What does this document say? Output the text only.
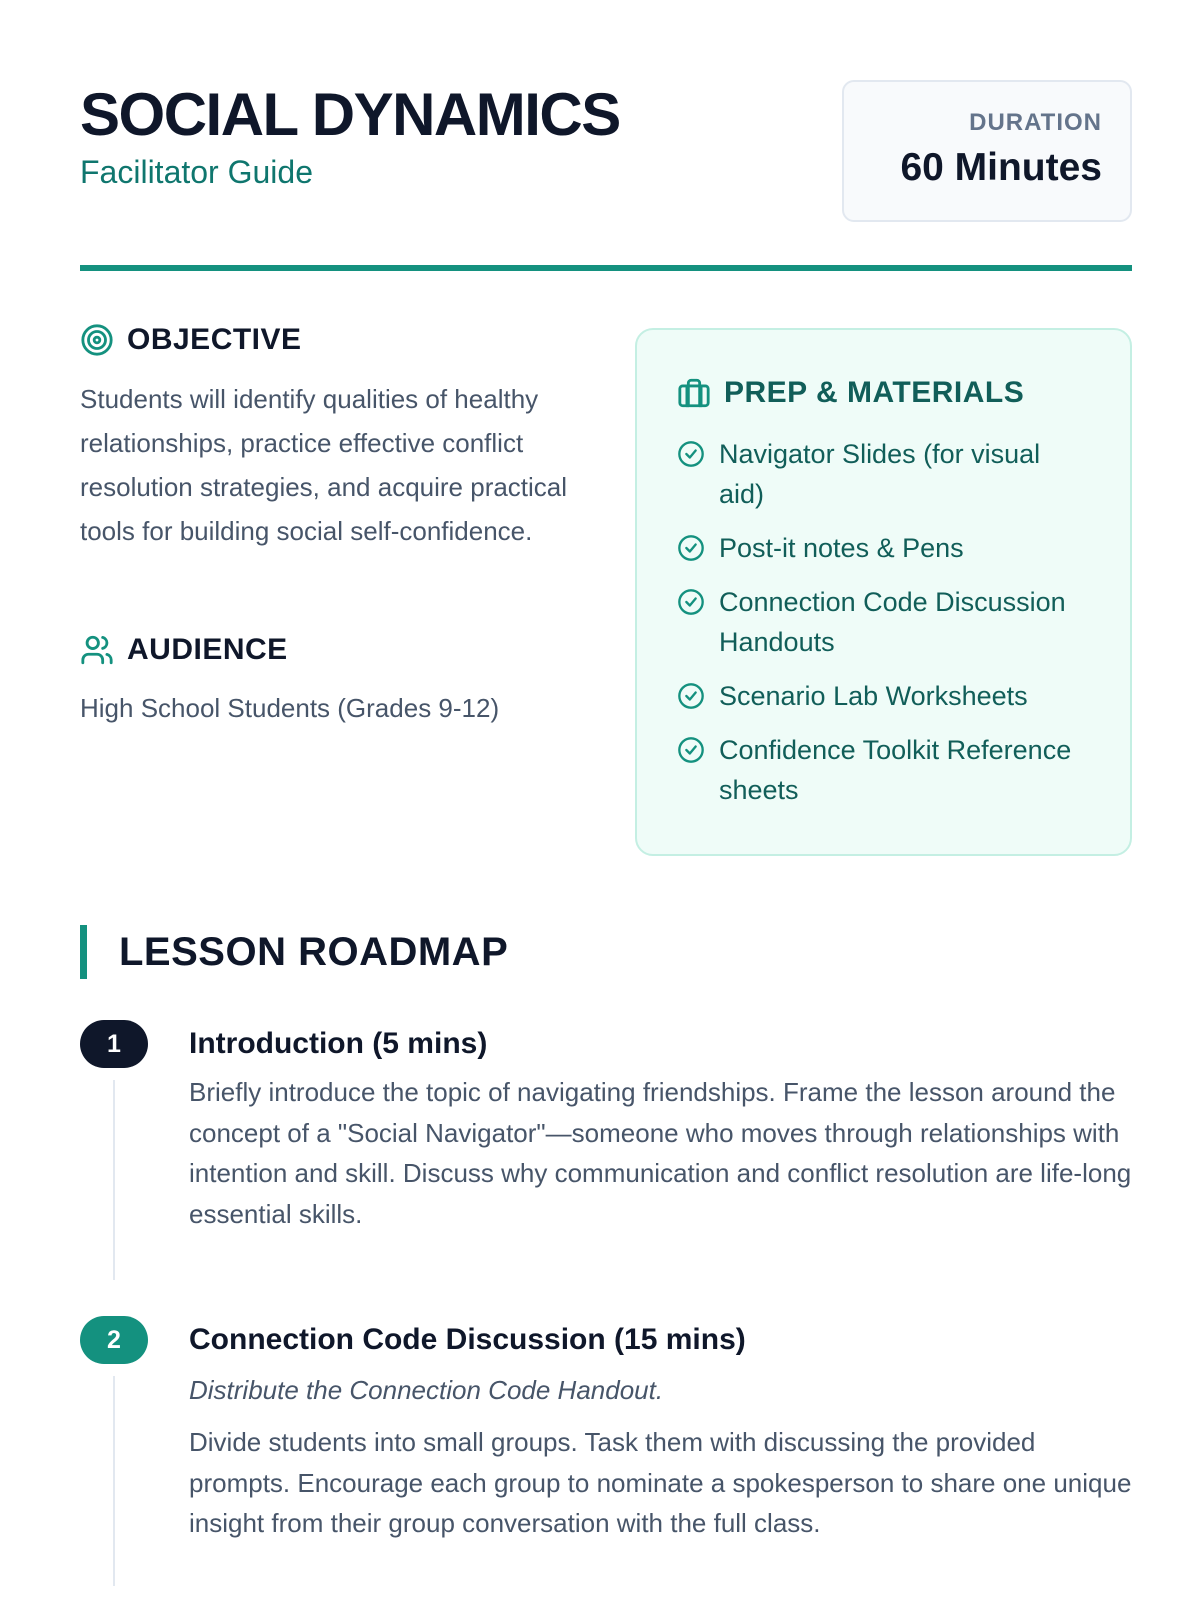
SOCIAL DYNAMICS
Facilitator Guide
DURATION
60 Minutes
OBJECTIVE
Students will identify qualities of healthy relationships, practice effective conflict resolution strategies, and acquire practical tools for building social self-confidence.
AUDIENCE
High School Students (Grades 9-12)
PREP & MATERIALS
Navigator Slides (for visual aid)
Post-it notes & Pens
Connection Code Discussion Handouts
Scenario Lab Worksheets
Confidence Toolkit Reference sheets
LESSON ROADMAP
1	Introduction (5 mins)
Briefly introduce the topic of navigating friendships. Frame the lesson around the concept of a "Social Navigator"—someone who moves through relationships with intention and skill. Discuss why communication and conflict resolution are life-long essential skills.
2	Connection Code Discussion (15 mins)
Distribute the Connection Code Handout.
Divide students into small groups. Task them with discussing the provided prompts. Encourage each group to nominate a spokesperson to share one unique insight from their group conversation with the full class.
